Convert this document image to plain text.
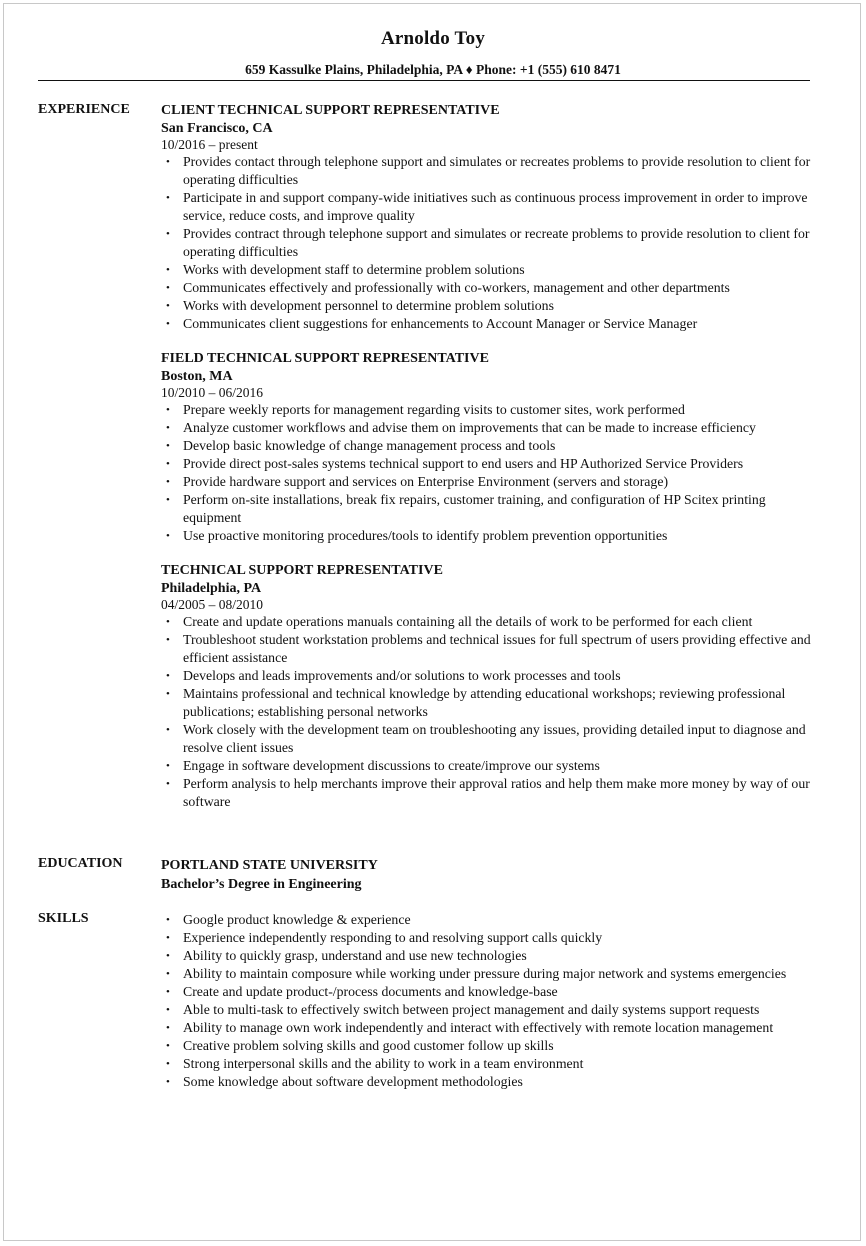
Arnoldo Toy
659 Kassulke Plains, Philadelphia, PA ♦ Phone: +1 (555) 610 8471
EXPERIENCE CLIENT TECHNICAL SUPPORT REPRESENTATIVE
San Francisco, CA
10/2016 – present
• Provides contact through telephone support and simulates or recreates problems to provide resolution to client for operating difficulties
• Participate in and support company-wide initiatives such as continuous process improvement in order to improve service, reduce costs, and improve quality
• Provides contract through telephone support and simulates or recreate problems to provide resolution to client for operating difficulties
• Works with development staff to determine problem solutions
• Communicates effectively and professionally with co-workers, management and other departments
• Works with development personnel to determine problem solutions
• Communicates client suggestions for enhancements to Account Manager or Service Manager
FIELD TECHNICAL SUPPORT REPRESENTATIVE
Boston, MA
10/2010 – 06/2016
• Prepare weekly reports for management regarding visits to customer sites, work performed
• Analyze customer workflows and advise them on improvements that can be made to increase efficiency
• Develop basic knowledge of change management process and tools
• Provide direct post-sales systems technical support to end users and HP Authorized Service Providers
• Provide hardware support and services on Enterprise Environment (servers and storage)
• Perform on-site installations, break fix repairs, customer training, and configuration of HP Scitex printing equipment
• Use proactive monitoring procedures/tools to identify problem prevention opportunities
TECHNICAL SUPPORT REPRESENTATIVE
Philadelphia, PA
04/2005 – 08/2010
• Create and update operations manuals containing all the details of work to be performed for each client
• Troubleshoot student workstation problems and technical issues for full spectrum of users providing effective and efficient assistance
• Develops and leads improvements and/or solutions to work processes and tools
• Maintains professional and technical knowledge by attending educational workshops; reviewing professional publications; establishing personal networks
• Work closely with the development team on troubleshooting any issues, providing detailed input to diagnose and resolve client issues
• Engage in software development discussions to create/improve our systems
• Perform analysis to help merchants improve their approval ratios and help them make more money by way of our software
EDUCATION	PORTLAND STATE UNIVERSITY
Bachelor’s Degree in Engineering
SKILLS	• Google product knowledge & experience
• Experience independently responding to and resolving support calls quickly
• Ability to quickly grasp, understand and use new technologies
• Ability to maintain composure while working under pressure during major network and systems emergencies
• Create and update product-/process documents and knowledge-base
• Able to multi-task to effectively switch between project management and daily systems support requests
• Ability to manage own work independently and interact with effectively with remote location management
• Creative problem solving skills and good customer follow up skills
• Strong interpersonal skills and the ability to work in a team environment
• Some knowledge about software development methodologies
